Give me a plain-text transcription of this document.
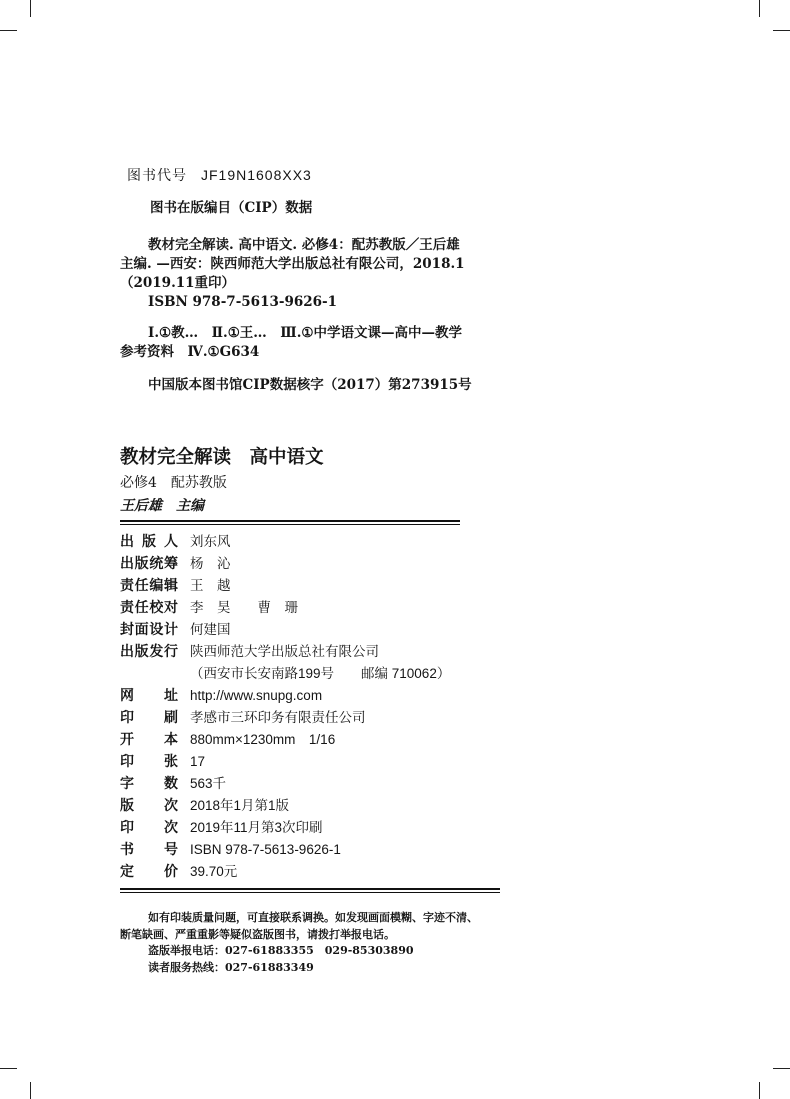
图书代号 JF19N1608XX3
图书在版编目（CIP）数据
教材完全解读. 高中语文. 必修4：配苏教版／王后雄
主编. —西安：陕西师范大学出版总社有限公司，2018.1
（2019.11重印）
ISBN 978-7-5613-9626-1
Ⅰ.①教…　Ⅱ.①王…　Ⅲ.①中学语文课—高中—教学
参考资料　Ⅳ.①G634
中国版本图书馆CIP数据核字（2017）第273915号
教材完全解读　高中语文
必修4　配苏教版
王后雄　主编
出 版 人 刘东风
出版统筹 杨　沁
责任编辑 王　越
责任校对 李　昊　　曹　珊
封面设计 何建国
出版发行 陕西师范大学出版总社有限公司
（西安市长安南路199号　　邮编 710062）
网　　址 http://www.snupg.com
印　　刷 孝感市三环印务有限责任公司
开　　本 880mm×1230mm　1/16
印　　张 17
字　　数 563千
版　　次 2018年1月第1版
印　　次 2019年11月第3次印刷
书　　号 ISBN 978-7-5613-9626-1
定　　价 39.70元
如有印装质量问题，可直接联系调换。如发现画面模糊、字迹不清、
断笔缺画、严重重影等疑似盗版图书，请拨打举报电话。
盗版举报电话：027-61883355　029-85303890
读者服务热线：027-61883349
